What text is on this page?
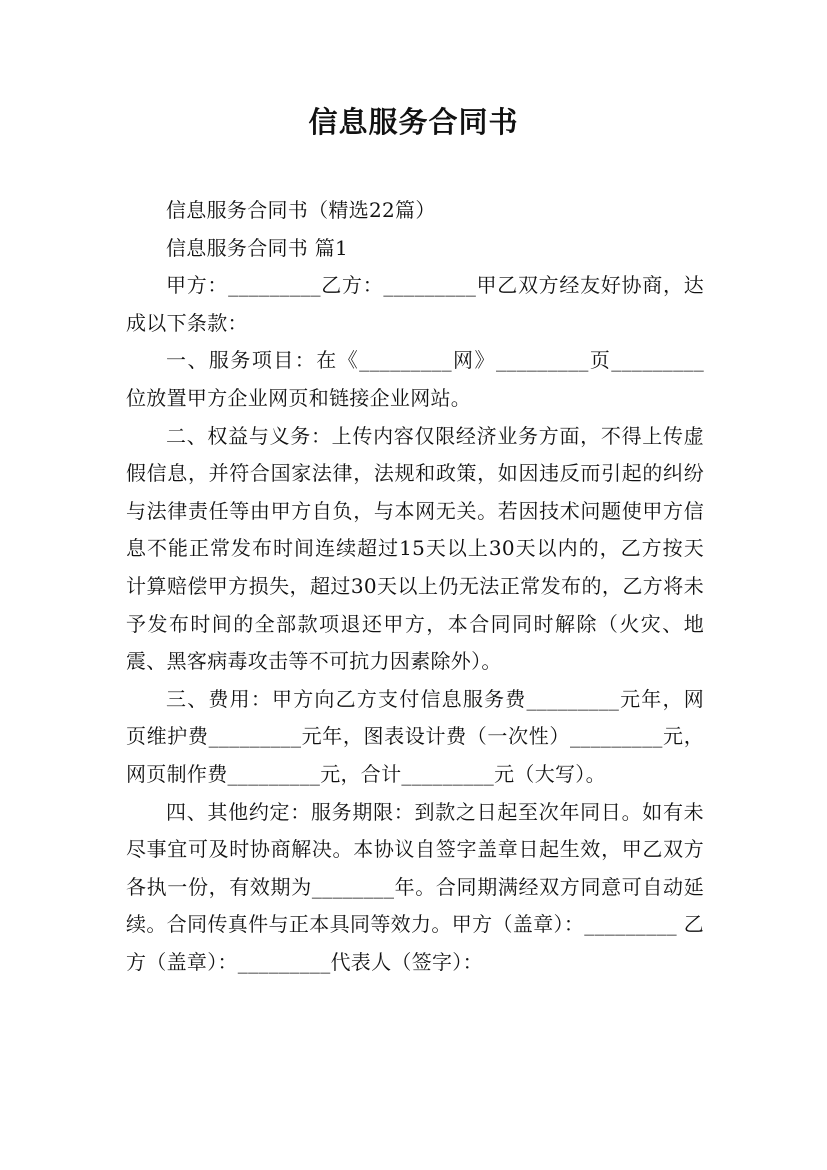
信息服务合同书

信息服务合同书（精选22篇）

信息服务合同书 篇1

甲方：_________乙方：_________甲乙双方经友好协商，达成以下条款：

一、服务项目：在《_________网》_________页_________位放置甲方企业网页和链接企业网站。

二、权益与义务：上传内容仅限经济业务方面，不得上传虚假信息，并符合国家法律，法规和政策，如因违反而引起的纠纷与法律责任等由甲方自负，与本网无关。若因技术问题使甲方信息不能正常发布时间连续超过15天以上30天以内的，乙方按天计算赔偿甲方损失，超过30天以上仍无法正常发布的，乙方将未予发布时间的全部款项退还甲方，本合同同时解除（火灾、地震、黑客病毒攻击等不可抗力因素除外）。

三、费用：甲方向乙方支付信息服务费_________元年，网页维护费_________元年，图表设计费（一次性）_________元，网页制作费_________元，合计_________元（大写）。

四、其他约定：服务期限：到款之日起至次年同日。如有未尽事宜可及时协商解决。本协议自签字盖章日起生效，甲乙双方各执一份，有效期为________年。合同期满经双方同意可自动延续。合同传真件与正本具同等效力。甲方（盖章）：_________ 乙方（盖章）：_________代表人（签字）：
